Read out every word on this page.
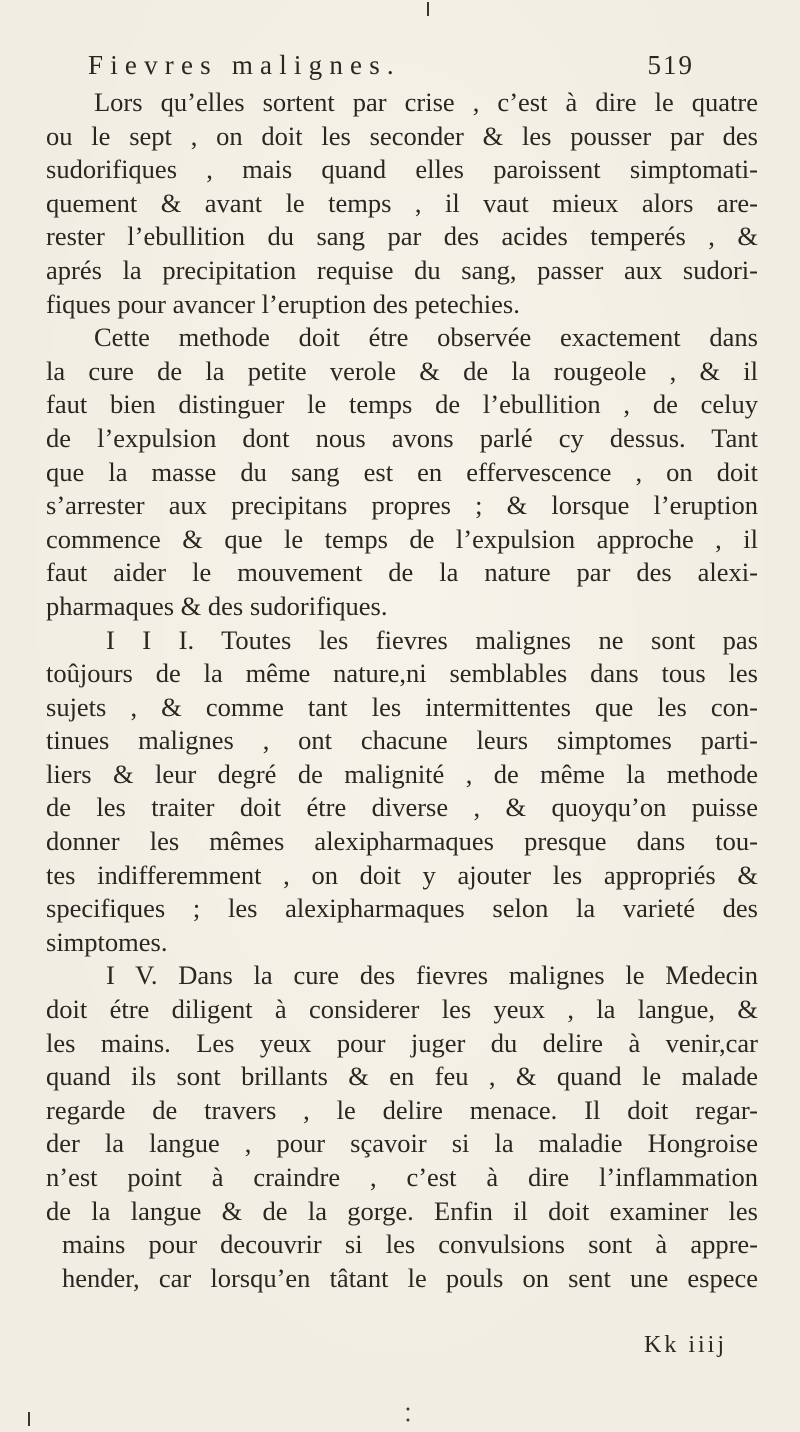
Fievres malignes.	519
Lors qu’elles sortent par crise , c’est à dire le quatre
ou le sept , on doit les seconder & les pousser par des
sudorifiques , mais quand elles paroissent simptomati-
quement & avant le temps , il vaut mieux alors are-
rester l’ebullition du sang par des acides temperés , &
aprés la precipitation requise du sang, passer aux sudori-
fiques pour avancer l’eruption des petechies.
Cette methode doit étre observée exactement dans
la cure de la petite verole & de la rougeole , & il
faut bien distinguer le temps de l’ebullition , de celuy
de l’expulsion dont nous avons parlé cy dessus. Tant
que la masse du sang est en effervescence , on doit
s’arrester aux precipitans propres ; & lorsque l’eruption
commence & que le temps de l’expulsion approche , il
faut aider le mouvement de la nature par des alexi-
pharmaques & des sudorifiques.
I I I. Toutes les fievres malignes ne sont pas
toûjours de la même nature,ni semblables dans tous les
sujets , & comme tant les intermittentes que les con-
tinues malignes , ont chacune leurs simptomes parti-
liers & leur degré de malignité , de même la methode
de les traiter doit étre diverse , & quoyqu’on puisse
donner les mêmes alexipharmaques presque dans tou-
tes indifferemment , on doit y ajouter les appropriés &
specifiques ; les alexipharmaques selon la varieté des
simptomes.
I V. Dans la cure des fievres malignes le Medecin
doit étre diligent à considerer les yeux , la langue, &
les mains. Les yeux pour juger du delire à venir,car
quand ils sont brillants & en feu , & quand le malade
regarde de travers , le delire menace. Il doit regar-
der la langue , pour sçavoir si la maladie Hongroise
n’est point à craindre , c’est à dire l’inflammation
de la langue & de la gorge. Enfin il doit examiner les
mains pour decouvrir si les convulsions sont à appre-
hender, car lorsqu’en tâtant le pouls on sent une espece
Kk iiij
• •
